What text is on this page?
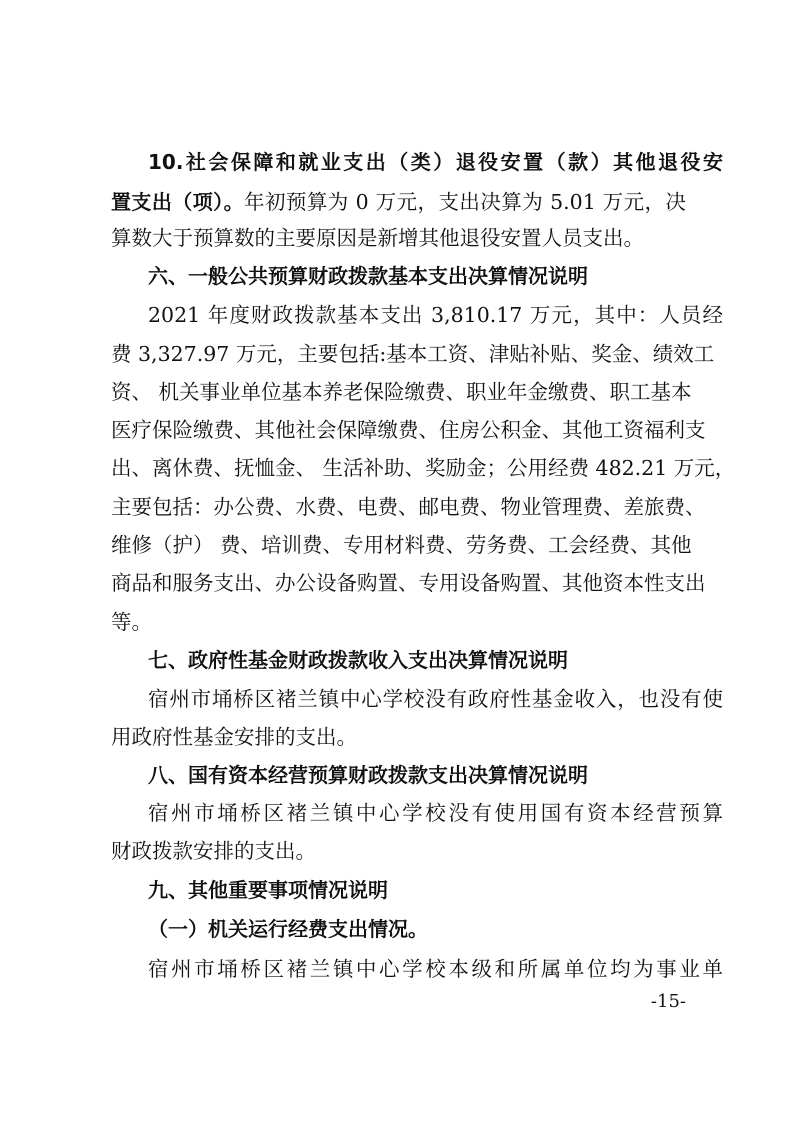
10.社会保障和就业支出（类）退役安置（款）其他退役安
置支出（项）。年初预算为 0 万元，支出决算为 5.01 万元，决
算数大于预算数的主要原因是新增其他退役安置人员支出。
六、一般公共预算财政拨款基本支出决算情况说明
2021 年度财政拨款基本支出 3,810.17 万元，其中：人员经
费 3,327.97 万元，主要包括:基本工资、津贴补贴、奖金、绩效工
资、 机关事业单位基本养老保险缴费、职业年金缴费、职工基本
医疗保险缴费、其他社会保障缴费、住房公积金、其他工资福利支
出、离休费、抚恤金、 生活补助、奖励金；公用经费 482.21 万元，
主要包括：办公费、水费、电费、邮电费、物业管理费、差旅费、
维修（护） 费、培训费、专用材料费、劳务费、工会经费、其他
商品和服务支出、办公设备购置、专用设备购置、其他资本性支出
等。
七、政府性基金财政拨款收入支出决算情况说明
宿州市埇桥区褚兰镇中心学校没有政府性基金收入，也没有使
用政府性基金安排的支出。
八、国有资本经营预算财政拨款支出决算情况说明
宿州市埇桥区褚兰镇中心学校没有使用国有资本经营预算
财政拨款安排的支出。
九、其他重要事项情况说明
（一）机关运行经费支出情况。
宿州市埇桥区褚兰镇中心学校本级和所属单位均为事业单
-15-
